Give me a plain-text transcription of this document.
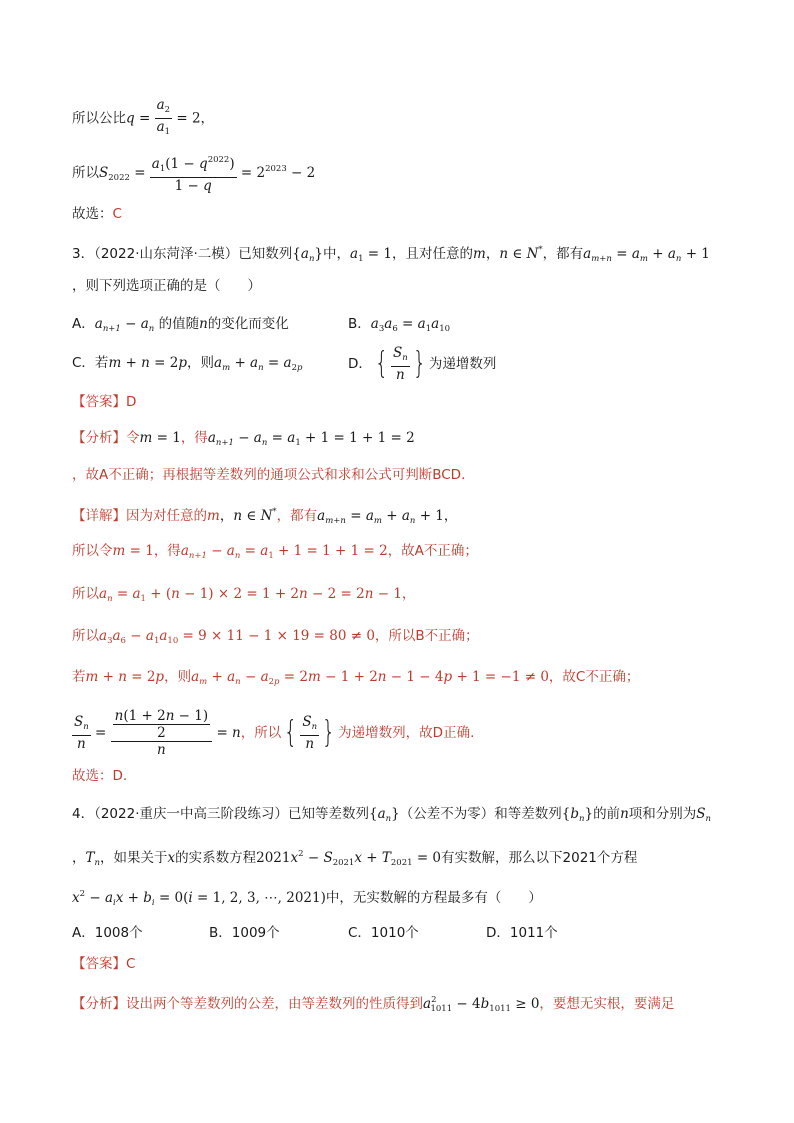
所以公比$q = \frac{a_2}{a_1} = 2$，
所以$S_{2022} = \frac{a_1(1 - q^{2022})}{1 - q} = 2^{2023} - 2$
故选：C
3．（2022·山东菏泽·二模）已知数列$\{a_n\}$中，$a_1 = 1$，且对任意的m，n ∈ N*，都有$a_{m+n} = a_m + a_n + 1$
，则下列选项正确的是（　　）
A．$a_{n+1} - a_n$ 的值随n的变化而变化	B．$a_3a_6 = a_1a_{10}$
C．若m + n = 2p，则$a_m + a_n = a_{2p}$	D．{ $\frac{S_n}{n}$ } 为递增数列
【答案】D
【分析】令m = 1，得$a_{n+1} - a_n = a_1 + 1 = 1 + 1 = 2$
，故A不正确；再根据等差数列的通项公式和求和公式可判断BCD.
【详解】因为对任意的m，n ∈ N*，都有$a_{m+n} = a_m + a_n + 1$，
所以令m = 1，得$a_{n+1} - a_n = a_1 + 1 = 1 + 1 = 2$，故A不正确；
所以$a_n = a_1 + (n - 1) \times 2 = 1 + 2n - 2 = 2n - 1$，
所以$a_3a_6 - a_1a_{10} = 9 \times 11 - 1 \times 19 = 80 \ne 0$，所以B不正确；
若m + n = 2p，则$a_m + a_n - a_{2p} = 2m - 1 + 2n - 1 - 4p + 1 = -1 \ne 0$，故C不正确；
$\frac{S_n}{n} = \frac{\frac{n(1 + 2n - 1)}{2}}{n} = n$，所以{ $\frac{S_n}{n}$ } 为递增数列，故D正确.
故选：D.
4．（2022·重庆一中高三阶段练习）已知等差数列$\{a_n\}$（公差不为零）和等差数列$\{b_n\}$的前n项和分别为$S_n$
，$T_n$，如果关于x的实系数方程$2021x^2 - S_{2021}x + T_{2021} = 0$有实数解，那么以下2021个方程
$x^2 - a_ix + b_i = 0(i = 1$, 2, 3, ⋯, 2021)中，无实数解的方程最多有（　　）
A．1008个	B．1009个	C．1010个	D．1011个
【答案】C
【分析】设出两个等差数列的公差，由等差数列的性质得到$a^2_{1011} - 4b_{1011} \ge 0$，要想无实根，要满足
